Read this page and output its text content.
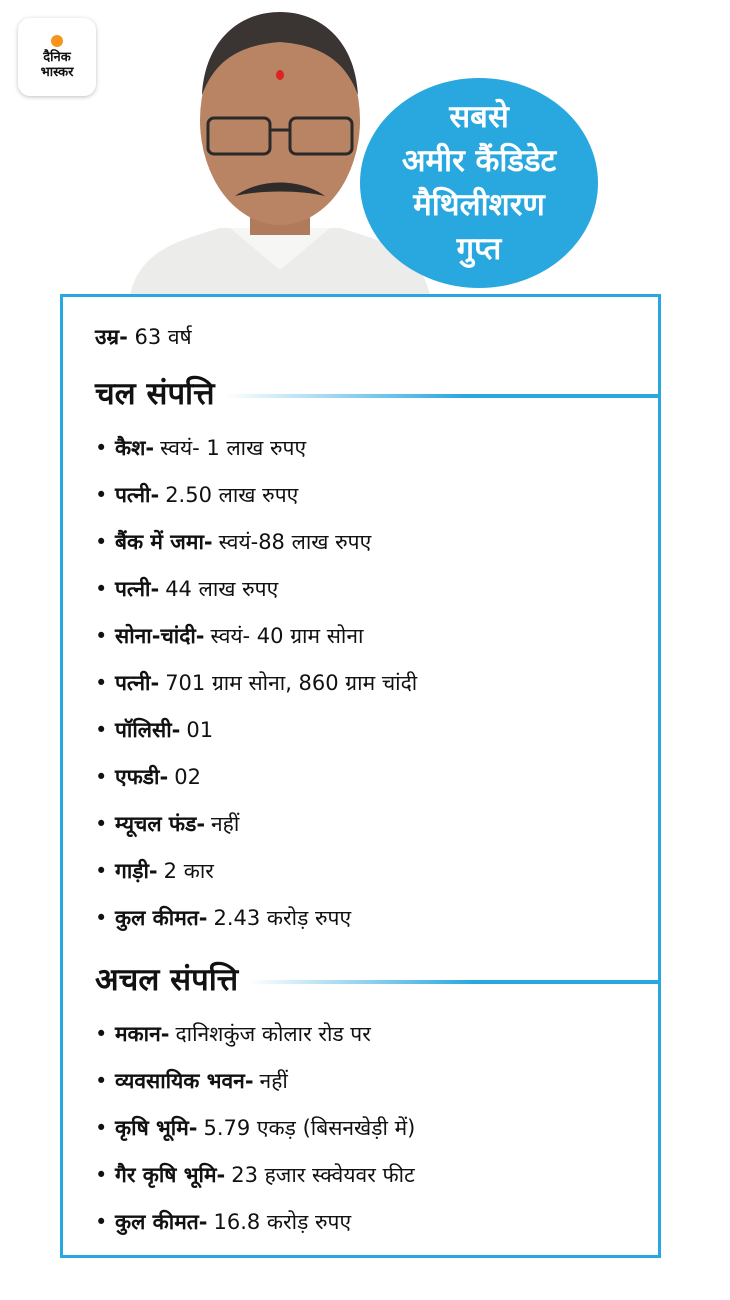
दैनिक
भास्कर
सबसे
अमीर कैंडिडेट
मैथिलीशरण
गुप्त
उम्र- 63 वर्ष
चल संपत्ति
• कैश- स्वयं- 1 लाख रुपए
• पत्नी- 2.50 लाख रुपए
• बैंक में जमा- स्वयं-88 लाख रुपए
• पत्नी- 44 लाख रुपए
• सोना-चांदी- स्वयं- 40 ग्राम सोना
• पत्नी- 701 ग्राम सोना, 860 ग्राम चांदी
• पॉलिसी- 01
• एफडी- 02
• म्यूचल फंड- नहीं
• गाड़ी- 2 कार
• कुल कीमत- 2.43 करोड़ रुपए
अचल संपत्ति
• मकान- दानिशकुंज कोलार रोड पर
• व्यवसायिक भवन- नहीं
• कृषि भूमि- 5.79 एकड़ (बिसनखेड़ी में)
• गैर कृषि भूमि- 23 हजार स्क्वेयवर फीट
• कुल कीमत- 16.8 करोड़ रुपए
